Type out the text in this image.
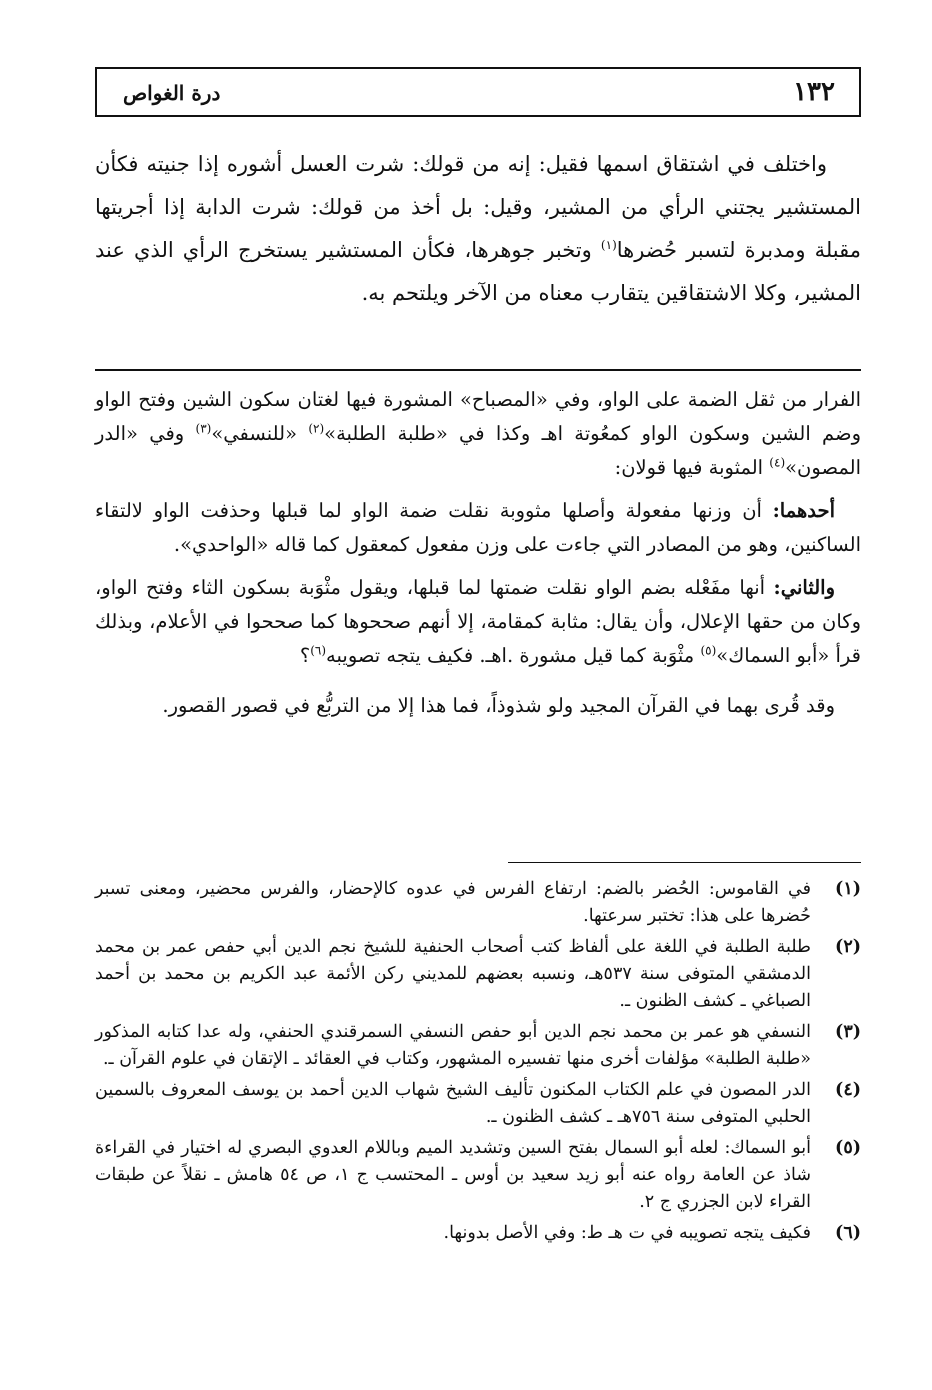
١٣٢
درة الغواص

واختلف في اشتقاق اسمها فقيل: إنه من قولك: شرت العسل أشوره إذا جنيته فكأن المستشير يجتني الرأي من المشير، وقيل: بل أخذ من قولك: شرت الدابة إذا أجريتها مقبلة ومدبرة لتسبر حُضرها$^{(١)}$ وتخبر جوهرها، فكأن المستشير يستخرج الرأي الذي عند المشير، وكلا الاشتقاقين يتقارب معناه من الآخر ويلتحم به.

الفرار من ثقل الضمة على الواو، وفي «المصباح» المشورة فيها لغتان سكون الشين وفتح الواو وضم الشين وسكون الواو كمعُوتة اهـ وكذا في «طلبة الطلبة»$^{(٢)}$ «للنسفي»$^{(٣)}$ وفي «الدر المصون»$^{(٤)}$ المثوبة فيها قولان:

أحدهما: أن وزنها مفعولة وأصلها مثووبة نقلت ضمة الواو لما قبلها وحذفت الواو لالتقاء الساكنين، وهو من المصادر التي جاءت على وزن مفعول كمعقول كما قاله «الواحدي».

والثاني: أنها مفَعْله بضم الواو نقلت ضمتها لما قبلها، ويقول مثْوَبة بسكون الثاء وفتح الواو، وكان من حقها الإعلال، وأن يقال: مثابة كمقامة، إلا أنهم صححوها كما صححوا في الأعلام، وبذلك قرأ «أبو السماك»$^{(٥)}$ مثْوَبة كما قيل مشورة .اهـ. فكيف يتجه تصويبه$^{(٦)}$؟

وقد قُرى بهما في القرآن المجيد ولو شذوذاً، فما هذا إلا من التربُّع في قصور القصور.

(١)
في القاموس: الحُضر بالضم: ارتفاع الفرس في عدوه كالإحضار، والفرس محضير، ومعنى تسبر حُضرها على هذا: تختبر سرعتها.
(٢)
طلبة الطلبة في اللغة على ألفاظ كتب أصحاب الحنفية للشيخ نجم الدين أبي حفص عمر بن محمد الدمشقي المتوفى سنة ٥٣٧هـ، ونسبه بعضهم للمديني ركن الأئمة عبد الكريم بن محمد بن أحمد الصباغي ـ كشف الظنون ـ.
(٣)
النسفي هو عمر بن محمد نجم الدين أبو حفص النسفي السمرقندي الحنفي، وله عدا كتابه المذكور «طلبة الطلبة» مؤلفات أخرى منها تفسيره المشهور، وكتاب في العقائد ـ الإتقان في علوم القرآن ـ.
(٤)
الدر المصون في علم الكتاب المكنون تأليف الشيخ شهاب الدين أحمد بن يوسف المعروف بالسمين الحلبي المتوفى سنة ٧٥٦هـ ـ كشف الظنون ـ.
(٥)
أبو السماك: لعله أبو السمال بفتح السين وتشديد الميم وباللام العدوي البصري له اختيار في القراءة شاذ عن العامة رواه عنه أبو زيد سعيد بن أوس ـ المحتسب ج ١، ص ٥٤ هامش ـ نقلاً عن طبقات القراء لابن الجزري ج ٢.
(٦)
فكيف يتجه تصويبه في ت هـ ط: وفي الأصل بدونها.
